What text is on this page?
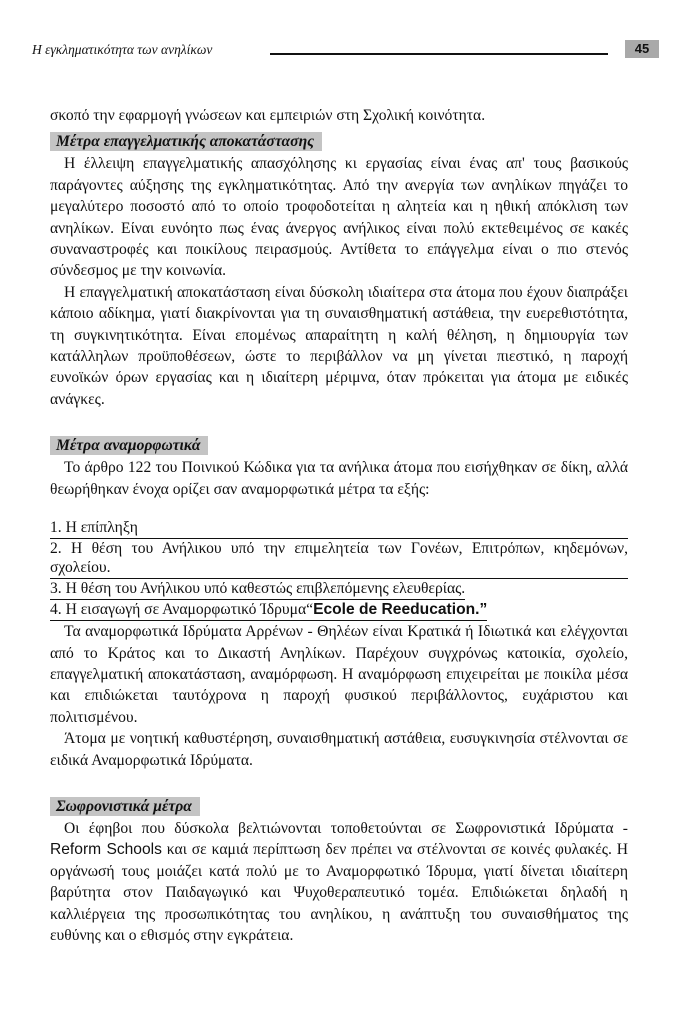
Η εγκληματικότητα των ανηλίκων	45

σκοπό την εφαρμογή γνώσεων και εμπειριών στη Σχολική κοινότητα.

Μέτρα επαγγελματικής αποκατάστασης

Η έλλειψη επαγγελματικής απασχόλησης κι εργασίας είναι ένας απ' τους βασικούς παράγοντες αύξησης της εγκληματικότητας. Από την ανεργία των ανηλίκων πηγάζει το μεγαλύτερο ποσοστό από το οποίο τροφοδοτείται η αλητεία και η ηθική απόκλιση των ανηλίκων. Είναι ευνόητο πως ένας άνεργος ανήλικος είναι πολύ εκτεθειμένος σε κακές συναναστροφές και ποικίλους πειρασμούς. Αντίθετα το επάγγελμα είναι ο πιο στενός σύνδεσμος με την κοινωνία.

Η επαγγελματική αποκατάσταση είναι δύσκολη ιδιαίτερα στα άτομα που έχουν διαπράξει κάποιο αδίκημα, γιατί διακρίνονται για τη συναισθηματική αστάθεια, την ευερεθιστότητα, τη συγκινητικότητα. Είναι επομένως απαραίτητη η καλή θέληση, η δημιουργία των κατάλληλων προϋποθέσεων, ώστε το περιβάλλον να μη γίνεται πιεστικό, η παροχή ευνοϊκών όρων εργασίας και η ιδιαίτερη μέριμνα, όταν πρόκειται για άτομα με ειδικές ανάγκες.

Μέτρα αναμορφωτικά

Το άρθρο 122 του Ποινικού Κώδικα για τα ανήλικα άτομα που εισήχθηκαν σε δίκη, αλλά θεωρήθηκαν ένοχα ορίζει σαν αναμορφωτικά μέτρα τα εξής:

1. Η επίπληξη
2. Η θέση του Ανήλικου υπό την επιμελητεία των Γονέων, Επιτρόπων, κηδεμόνων, σχολείου.
3. Η θέση του Ανήλικου υπό καθεστώς επιβλεπόμενης ελευθερίας.
4. Η εισαγωγή σε Αναμορφωτικό Ίδρυμα“Ecole de Reeducation.”

Τα αναμορφωτικά Ιδρύματα Αρρένων - Θηλέων είναι Κρατικά ή Ιδιωτικά και ελέγχονται από το Κράτος και το Δικαστή Ανηλίκων. Παρέχουν συγχρόνως κατοικία, σχολείο, επαγγελματική αποκατάσταση, αναμόρφωση. Η αναμόρφωση επιχειρείται με ποικίλα μέσα και επιδιώκεται ταυτόχρονα η παροχή φυσικού περιβάλλοντος, ευχάριστου και πολιτισμένου.

Άτομα με νοητική καθυστέρηση, συναισθηματική αστάθεια, ευσυγκινησία στέλνονται σε ειδικά Αναμορφωτικά Ιδρύματα.

Σωφρονιστικά μέτρα

Οι έφηβοι που δύσκολα βελτιώνονται τοποθετούνται σε Σωφρονιστικά Ιδρύματα - Reform Schools και σε καμιά περίπτωση δεν πρέπει να στέλνονται σε κοινές φυλακές. Η οργάνωσή τους μοιάζει κατά πολύ με το Αναμορφωτικό Ίδρυμα, γιατί δίνεται ιδιαίτερη βαρύτητα στον Παιδαγωγικό και Ψυχοθεραπευτικό τομέα. Επιδιώκεται δηλαδή η καλλιέργεια της προσωπικότητας του ανηλίκου, η ανάπτυξη του συναισθήματος της ευθύνης και ο εθισμός στην εγκράτεια.
